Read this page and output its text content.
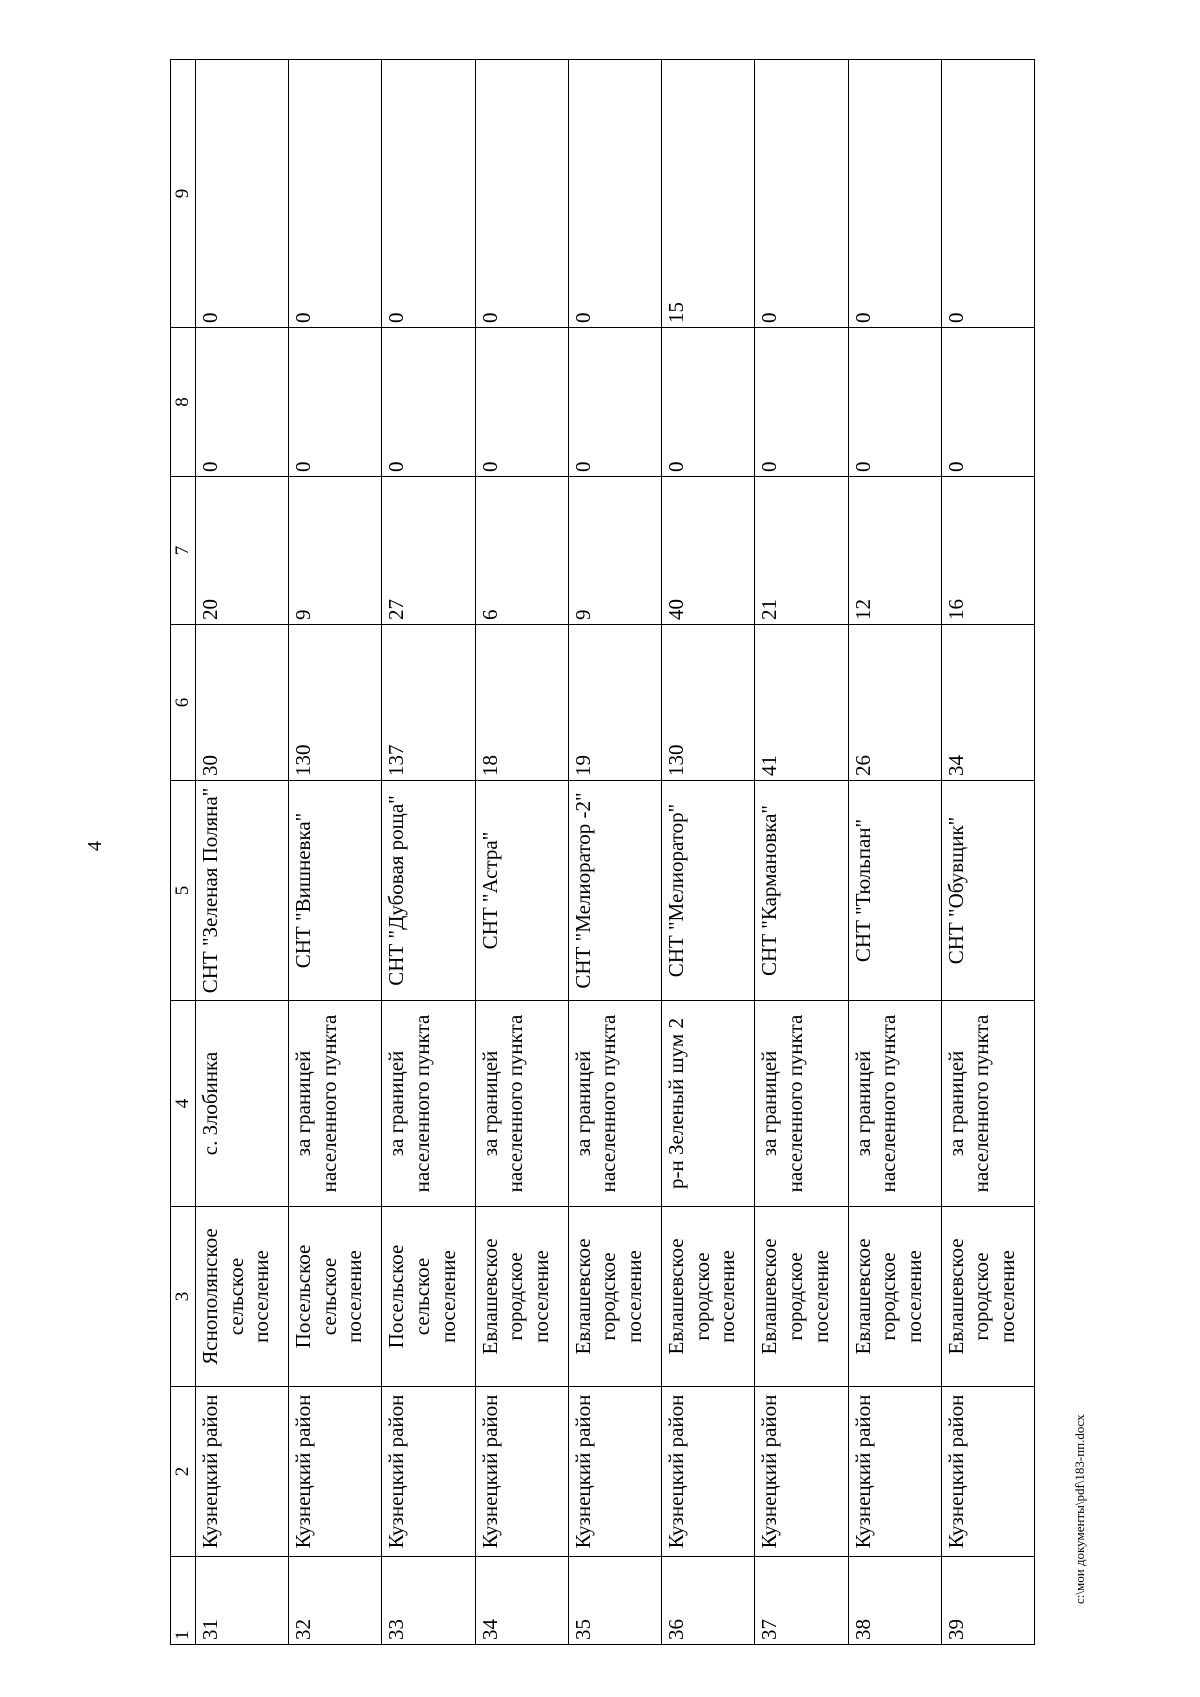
4
1	2	3	4	5	6	7	8	9
31	Кузнецкий район	Яснополянское сельское поселение	с. Злобинка	СНТ "Зеленая Поляна"	30	20	0	0
32	Кузнецкий район	Посельское сельское поселение	за границей населенного пункта	СНТ "Вишневка"	130	9	0	0
33	Кузнецкий район	Посельское сельское поселение	за границей населенного пункта	СНТ "Дубовая роща"	137	27	0	0
34	Кузнецкий район	Евлашевское городское поселение	за границей населенного пункта	СНТ "Астра"	18	6	0	0
35	Кузнецкий район	Евлашевское городское поселение	за границей населенного пункта	СНТ "Мелиоратор -2"	19	9	0	0
36	Кузнецкий район	Евлашевское городское поселение	р-н Зеленый шум 2	СНТ "Мелиоратор"	130	40	0	15
37	Кузнецкий район	Евлашевское городское поселение	за границей населенного пункта	СНТ "Кармановка"	41	21	0	0
38	Кузнецкий район	Евлашевское городское поселение	за границей населенного пункта	СНТ "Тюльпан"	26	12	0	0
39	Кузнецкий район	Евлашевское городское поселение	за границей населенного пункта	СНТ "Обувщик"	34	16	0	0
c:\мои документы\pdf\183-пп.docx
